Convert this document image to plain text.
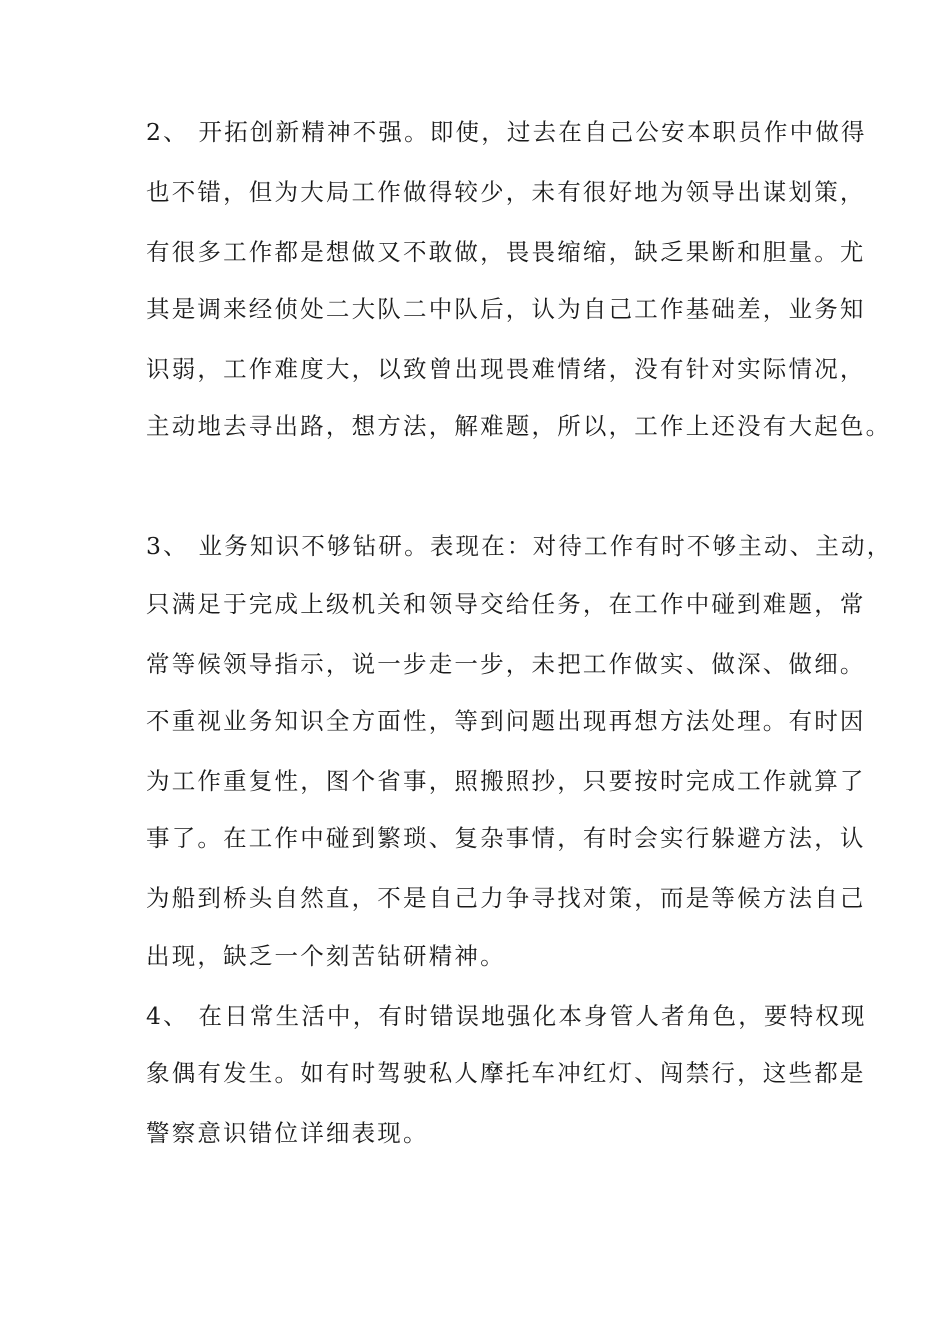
2、 开拓创新精神不强。即使，过去在自己公安本职员作中做得
也不错，但为大局工作做得较少，未有很好地为领导出谋划策，
有很多工作都是想做又不敢做，畏畏缩缩，缺乏果断和胆量。尤
其是调来经侦处二大队二中队后，认为自己工作基础差，业务知
识弱，工作难度大，以致曾出现畏难情绪，没有针对实际情况，
主动地去寻出路，想方法，解难题，所以，工作上还没有大起色。
3、 业务知识不够钻研。表现在：对待工作有时不够主动、主动，
只满足于完成上级机关和领导交给任务，在工作中碰到难题，常
常等候领导指示，说一步走一步，未把工作做实、做深、做细。
不重视业务知识全方面性，等到问题出现再想方法处理。有时因
为工作重复性，图个省事，照搬照抄，只要按时完成工作就算了
事了。在工作中碰到繁琐、复杂事情，有时会实行躲避方法，认
为船到桥头自然直，不是自己力争寻找对策，而是等候方法自己
出现，缺乏一个刻苦钻研精神。
4、 在日常生活中，有时错误地强化本身管人者角色，要特权现
象偶有发生。如有时驾驶私人摩托车冲红灯、闯禁行，这些都是
警察意识错位详细表现。
